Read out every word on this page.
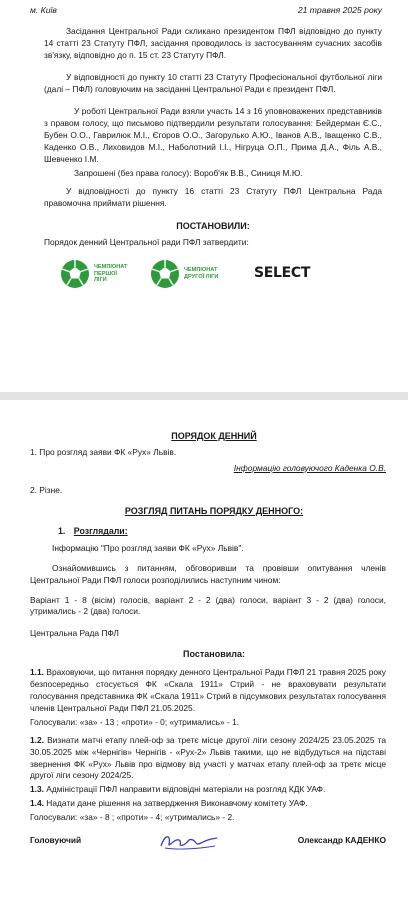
м. Київ	21 травня 2025 року

Засідання Центральної Ради скликано президентом ПФЛ відповідно до пункту 14 статті 23 Статуту ПФЛ, засідання проводилось із застосуванням сучасних засобів зв'язку, відповідно до п. 15 ст. 23 Статуту ПФЛ.

У відповідності до пункту 10 статті 23 Статуту Професіональної футбольної ліги (далі – ПФЛ) головуючим на засіданні Центральної Ради є президент ПФЛ.

У роботі Центральної Ради взяли участь 14 з 16 уповноважених представників з правом голосу, що письмово підтвердили результати голосування: Бейдерман Є.С., Бубен О.О., Гаврилюк М.І., Єгоров О.О., Загорулько А.Ю., Іванов А.В., Іващенко С.В., Каденко О.В., Лиховидов М.І., Наболотний І.І., Нігруца О.П., Прима Д.А., Філь А.В., Шевченко І.М.

Запрошені (без права голосу): Вороб'як В.В., Синиця М.Ю.

У відповідності до пункту 16 статті 23 Статуту ПФЛ Центральна Рада правомочна приймати рішення.

ПОСТАНОВИЛИ:

Порядок денний Центральної ради ПФЛ затвердити:

ЧЕМПІОНАТ ПЕРШОЇ ЛІГИ
ЧЕМПІОНАТ ДРУГОЇ ЛІГИ	SELECT

ПОРЯДОК ДЕННИЙ

1. Про розгляд заяви ФК «Рух» Львів.

Інформацію головуючого Каденка О.В.

2. Різне.

РОЗГЛЯД ПИТАНЬ ПОРЯДКУ ДЕННОГО:

1. Розглядали:

Інформацію "Про розгляд заяви ФК «Рух» Львів".

Ознайомившись з питанням, обговоривши та провівши опитування членів Центральної Ради ПФЛ голоси розподілились наступним чином:

Варіант 1 - 8 (вісім) голосів, варіант 2 - 2 (два) голоси, варіант 3 - 2 (два) голоси, утримались - 2 (два) голоси.

Центральна Рада ПФЛ

Постановила:

1.1. Враховуючи, що питання порядку денного Центральної Ради ПФЛ 21 травня 2025 року безпосередньо стосується ФК «Скала 1911» Стрий - не враховувати результати голосування представника ФК «Скала 1911» Стрий в підсумкових результатах голосування членів Центральної Ради ПФЛ 21.05.2025.

Голосували: «за» - 13 ; «проти» - 0; «утримались» - 1.

1.2. Визнати матчі етапу плей-оф за третє місце другої ліги сезону 2024/25 23.05.2025 та 30.05.2025 між «Чернігів» Чернігів - «Рух-2» Львів такими, що не відбудуться на підставі звернення ФК «Рух» Львів про відмову від участі у матчах етапу плей-оф за третє місце другої ліги сезону 2024/25.

1.3. Адміністрації ПФЛ направити відповідні матеріали на розгляд КДК УАФ.

1.4. Надати дане рішення на затвердження Виконавчому комітету УАФ.

Голосували: «за» - 8 ; «проти» - 4; «утримались» - 2.

Головуючий	Олександр КАДЕНКО
